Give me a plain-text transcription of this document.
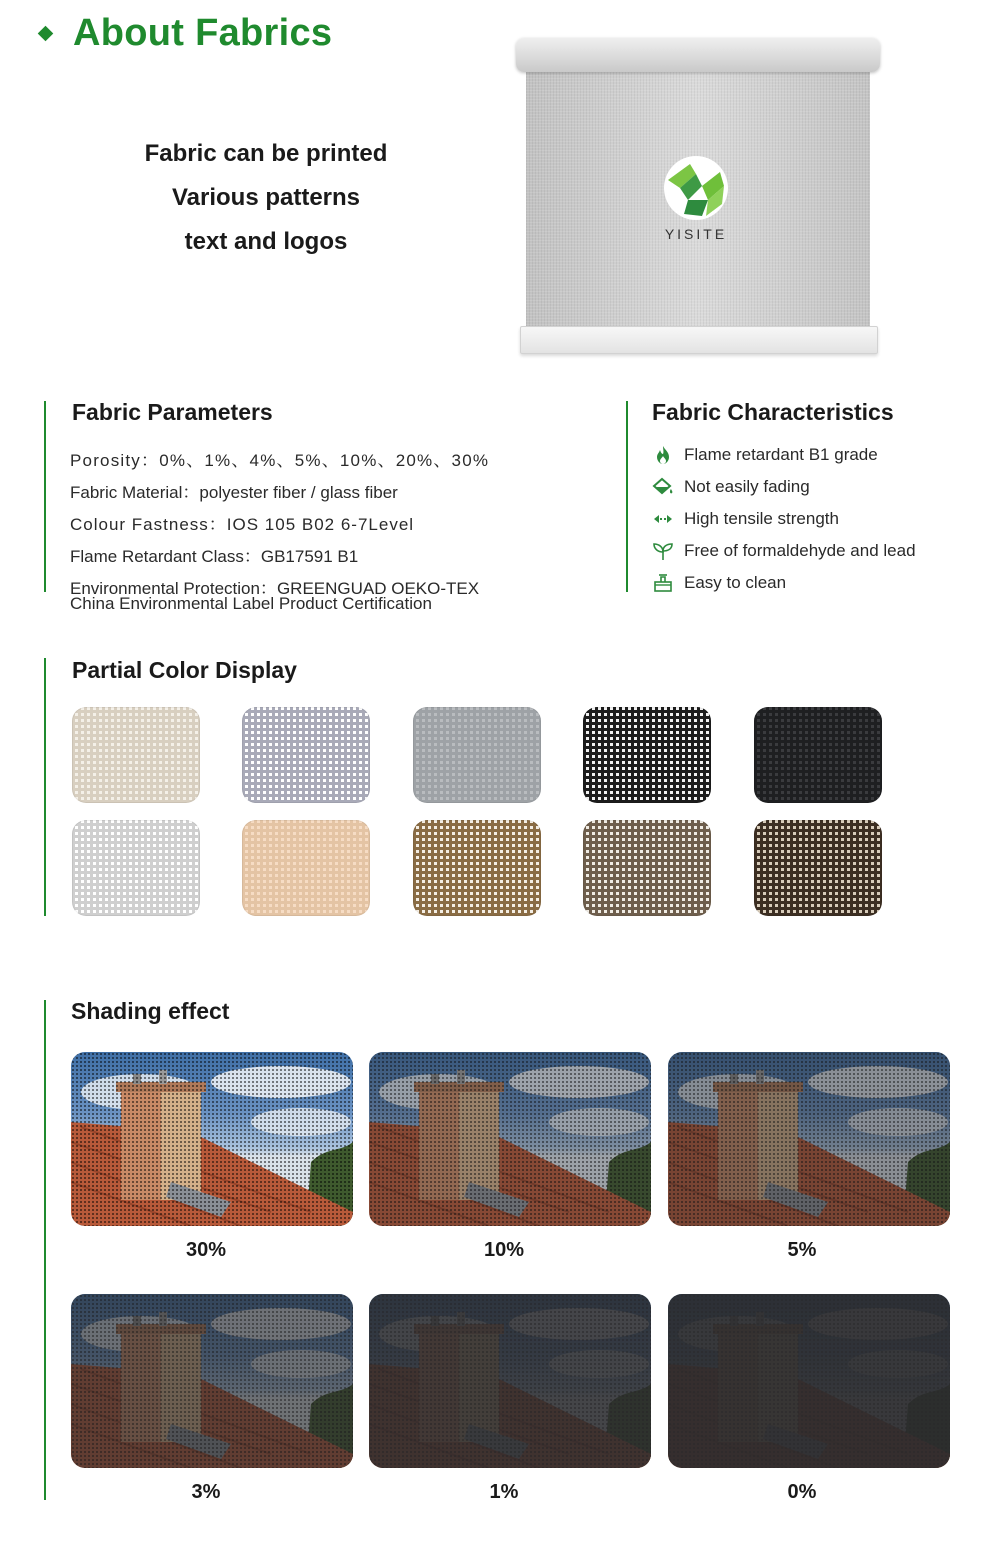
About Fabrics
Fabric can be printed
Various patterns
text and logos	YISITE
Fabric Parameters
Porosity：0%、1%、4%、5%、10%、20%、30%
Fabric Material：polyester fiber / glass fiber
Colour Fastness：IOS 105 B02 6-7Level
Flame Retardant Class：GB17591 B1
Environmental Protection：GREENGUAD OEKO-TEX
China Environmental Label Product Certification
Fabric Characteristics
Flame retardant B1 grade
Not easily fading
High tensile strength
Free of formaldehyde and lead
Easy to clean
Partial Color Display
Shading effect
30%	10%	5%
3%	1%	0%
